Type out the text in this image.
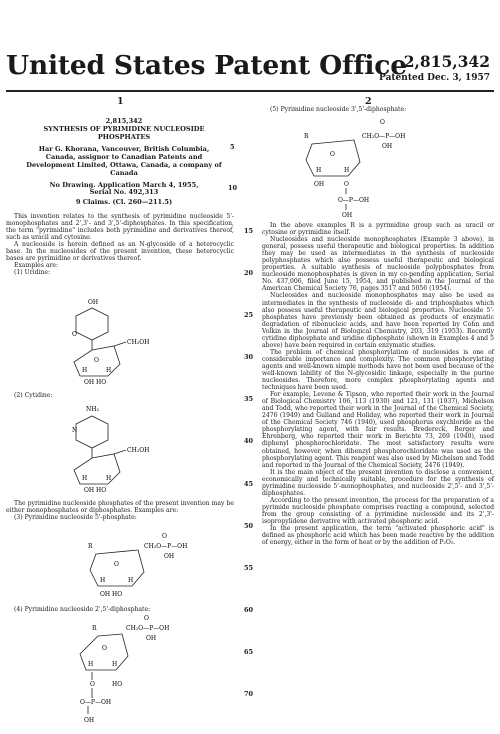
United States Patent Office
2,815,342
Patented Dec. 3, 1957
1	2
5
10
15
20
25
30
35
40
45
50
55
60
65
70
2,815,342
SYNTHESIS OF PYRIMIDINE NUCLEOSIDE PHOSPHATES
Har G. Khorana, Vancouver, British Columbia, Canada, assignor to Canadian Patents and Development Limited, Ottawa, Canada, a company of Canada
No Drawing. Application March 4, 1955, Serial No. 492,313
9 Claims. (Cl. 260—211.5)

This invention relates to the synthesis of pyrimidine nucleoside 5'-monophosphates and 2',3'- and 3',5'-diphosphates. In this specification, the term "pyrimidine" includes both pyrimidine and derivatives thereof, such as uracil and cytosine.

A nucleoside is herein defined as an N-glycoside of a heterocyclic base. In the nucleosides of the present invention, these heterocyclic bases are pyrimidine or derivatives thereof.

Examples are:

(1) Uridine:

OH
O
CH₂OH
O
H	H
OH HO

(2) Cytidine:

NH₂
N
CH₂OH
H	H
OH HO

The pyrimidine nucleoside phosphates of the present invention may be either monophosphates or diphosphates. Examples are:

(3) Pyrimidine nucleoside 5'-phosphate:

O
R	CH₂O—P—OH
OH
O
H	H
OH HO

(4) Pyrimidine nucleoside 2',5'-diphosphate:

O
R	CH₂O—P—OH
OH
O
H	H
O	HO
O—P—OH
OH

(5) Pyrimidine nucleoside 3',5'-diphosphate:

O
R	CH₂O—P—OH
OH
O
H	H
OH	O
O—P—OH
OH

In the above examples R is a pyrimidine group such as uracil or cytosine or pyrimidine itself.

Nucleosides and nucleoside monophosphates (Example 3 above), in general, possess useful therapeutic and biological properties. In addition they may be used as intermediates in the synthesis of nucleoside polyphosphates which also possess useful therapeutic and biological properties. A suitable synthesis of nucleoside polyphosphates from nucleoside monophosphates is given in my co-pending application, Serial No. 437,006, filed June 15, 1954, and published in the Journal of the American Chemical Society 76, pages 3517 and 5056 (1954).

Nucleosides and nucleoside monophosphates may also be used as intermediates in the synthesis of nucleoside di- and triphosphates which also possess useful therapeutic and biological properties. Nucleoside 5'-phosphates have previously been obtained as products of enzymatic degradation of ribonucleic acids, and have been reported by Cohn and Volkin in the Journal of Biological Chemistry, 203, 319 (1953). Recently cytidine diphosphate and uridine diphosphate (shown in Examples 4 and 5 above) have been required in certain enzymatic studies.

The problem of chemical phosphorylation of nucleosides is one of considerable importance and complexity. The common phosphorylating agents and well-known simple methods have not been used because of the well-known lability of the N-glycosidic linkage, especially in the purine nucleosides. Therefore, more complex phosphorylating agents and techniques have been used.

For example, Levene & Tipson, who reported their work in the Journal of Biological Chemistry 106, 113 (1930) and 121, 131 (1937), Michelson and Todd, who reported their work in the Journal of the Chemical Society, 2476 (1949) and Gulland and Holiday, who reported their work in Journal of the Chemical Society 746 (1940), used phosphorus oxychloride as the phosphorylating agent, with fair results. Bredereck, Berger and Ehrenberg, who reported their work in Berichte 73, 269 (1940), used diphenyl phosphorochloridate. The most satisfactory results were obtained, however, when dibenzyl phosphorochloridate was used as the phosphorylating agent. This reagent was also used by Michelson and Todd and reported in the Journal of the Chemical Society, 2476 (1949).

It is the main object of the present invention to disclose a convenient, economically and technically suitable, procedure for the synthesis of pyrimidine nucleoside 5'-monophosphates, and nucleoside 2',5'- and 3',5'-diphosphates.

According to the present invention, the process for the preparation of a pyrimide nucleoside phosphate comprises reacting a compound, selected from the group consisting of a pyrimidine nucleoside and its 2',3'-isopropylidene derivative with activated phosphoric acid.

In the present application, the term "activated phosphoric acid" is defined as phosphoric acid which has been made reactive by the addition of energy, either in the form of heat or by the addition of P₂O₅.
